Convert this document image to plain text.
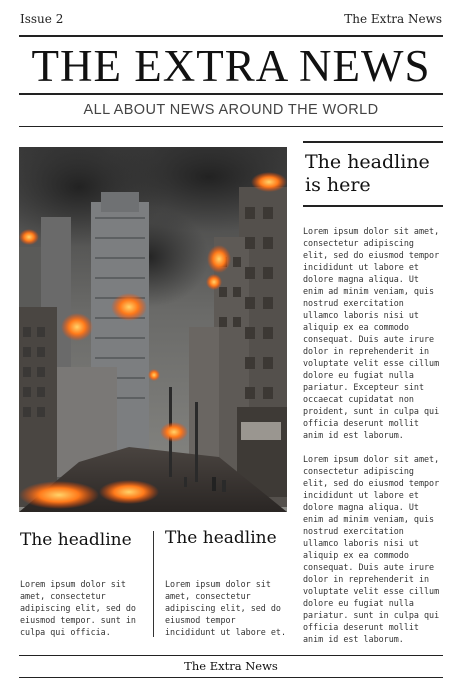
Issue 2	The Extra News
THE EXTRA NEWS
ALL ABOUT NEWS AROUND THE WORLD
The headline is here
Lorem ipsum dolor sit amet, consectetur adipiscing elit, sed do eiusmod tempor incididunt ut labore et dolore magna aliqua. Ut enim ad minim veniam, quis nostrud exercitation ullamco laboris nisi ut aliquip ex ea commodo consequat. Duis aute irure dolor in reprehenderit in voluptate velit esse cillum dolore eu fugiat nulla pariatur. Excepteur sint occaecat cupidatat non proident, sunt in culpa qui officia deserunt mollit anim id est laborum.
Lorem ipsum dolor sit amet, consectetur adipiscing elit, sed do eiusmod tempor incididunt ut labore et dolore magna aliqua. Ut enim ad minim veniam, quis nostrud exercitation ullamco laboris nisi ut aliquip ex ea commodo consequat. Duis aute irure dolor in reprehenderit in voluptate velit esse cillum dolore eu fugiat nulla pariatur. sunt in culpa qui officia deserunt mollit anim id est laborum.
The headline
Lorem ipsum dolor sit amet, consectetur adipiscing elit, sed do eiusmod tempor. sunt in culpa qui officia.
The headline
Lorem ipsum dolor sit amet, consectetur adipiscing elit, sed do eiusmod tempor incididunt ut labore et.
The Extra News
